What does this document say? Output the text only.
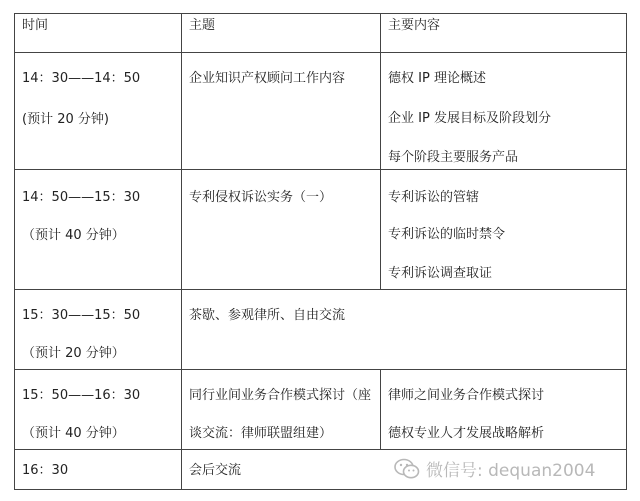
时间	主题	主要内容

14：30——14：50
(预计 20 分钟)	企业知识产权顾问工作内容	德权 IP 理论概述
企业 IP 发展目标及阶段划分
每个阶段主要服务产品

14：50——15：30
（预计 40 分钟）	专利侵权诉讼实务（一）	专利诉讼的管辖
专利诉讼的临时禁令
专利诉讼调查取证

15：30——15：50
（预计 20 分钟）	茶歇、参观律所、自由交流	

15：50——16：30
（预计 40 分钟）	同行业间业务合作模式探讨（座
谈交流：律师联盟组建）	律师之间业务合作模式探讨
德权专业人才发展战略解析

16：30	会后交流		微信号: dequan2004
